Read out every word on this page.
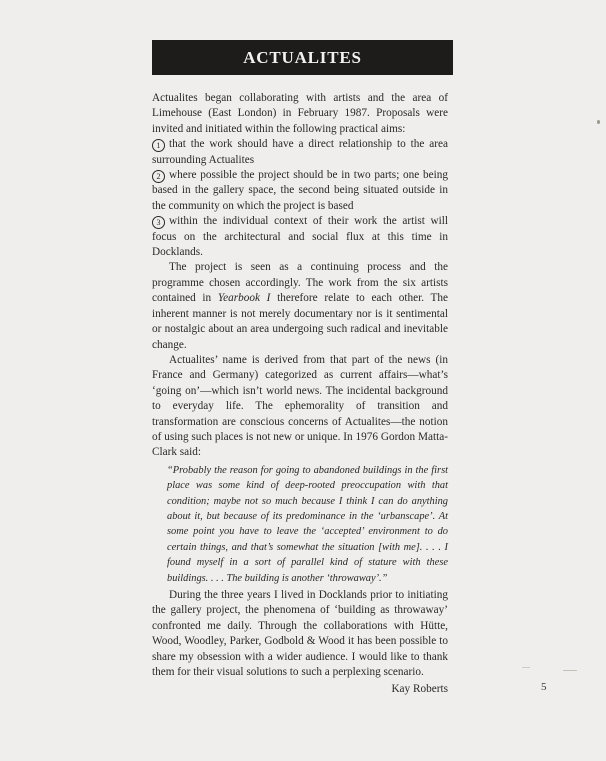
ACTUALITES

Actualites began collaborating with artists and the area of Limehouse (East London) in February 1987. Proposals were invited and initiated within the following practical aims:
1 that the work should have a direct relationship to the area surrounding Actualites
2 where possible the project should be in two parts; one being based in the gallery space, the second being situated outside in the community on which the project is based
3 within the individual context of their work the artist will focus on the architectural and social flux at this time in Docklands.

The project is seen as a continuing process and the programme chosen accordingly. The work from the six artists contained in Yearbook I therefore relate to each other. The inherent manner is not merely documentary nor is it sentimental or nostalgic about an area undergoing such radical and inevitable change.

Actualites’ name is derived from that part of the news (in France and Germany) categorized as current affairs—what’s ‘going on’—which isn’t world news. The incidental background to everyday life. The ephemorality of transition and transformation are conscious concerns of Actualites—the notion of using such places is not new or unique. In 1976 Gordon Matta-Clark said:

“Probably the reason for going to abandoned buildings in the first place was some kind of deep-rooted preoccupation with that condition; maybe not so much because I think I can do anything about it, but because of its predominance in the ‘urbanscape’. At some point you have to leave the ‘accepted’ environment to do certain things, and that’s somewhat the situation [with me]. . . . I found myself in a sort of parallel kind of stature with these buildings. . . . The building is another ‘throwaway’.”

During the three years I lived in Docklands prior to initiating the gallery project, the phenomena of ‘building as throwaway’ confronted me daily. Through the collaborations with Hütte, Wood, Woodley, Parker, Godbold & Wood it has been possible to share my obsession with a wider audience. I would like to thank them for their visual solutions to such a perplexing scenario.

Kay Roberts	5
